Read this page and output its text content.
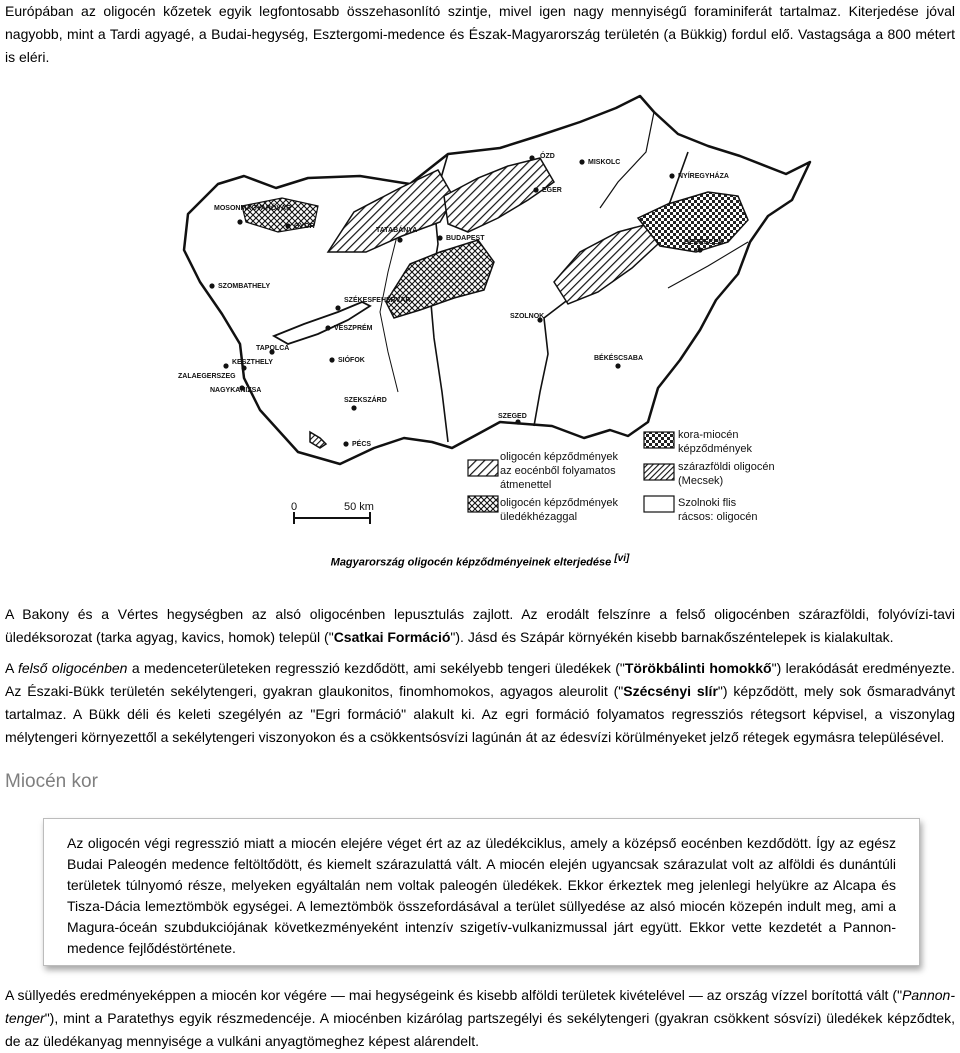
Európában az oligocén kőzetek egyik legfontosabb összehasonlító szintje, mivel igen nagy mennyiségű foraminiferát tartalmaz. Kiterjedése jóval nagyobb, mint a Tardi agyagé, a Budai-hegység, Esztergomi-medence és Észak-Magyarország területén (a Bükkig) fordul elő. Vastagsága a 800 métert is eléri.

ÓZD
MISKOLC
EGER
NYÍREGYHÁZA
MOSONMAGYARÓVÁR
GYŐR
TATABÁNYA
BUDAPEST
DEBRECEN
SZOMBATHELY
SZÉKESFEHÉRVÁR
VESZPRÉM
SZOLNOK
TAPOLCA
KESZTHELY	SIÓFOK
ZALAEGERSZEG
BÉKÉSCSABA
NAGYKANIZSA
SZEKSZÁRD
PÉCS
SZEGED
0	50 km
oligocén képződmények
az eocénből folyamatos
átmenettel
oligocén képződmények
üledékhézaggal
kora-miocén
képződmények
szárazföldi oligocén
(Mecsek)
Szolnoki flis
rácsos: oligocén
Magyarország oligocén képződményeinek elterjedése [vi]

A Bakony és a Vértes hegységben az alsó oligocénben lepusztulás zajlott. Az erodált felszínre a felső oligocénben szárazföldi, folyóvízi-tavi üledéksorozat (tarka agyag, kavics, homok) települ ("Csatkai Formáció"). Jásd és Szápár környékén kisebb barnakőszéntelepek is kialakultak.

A felső oligocénben a medenceterületeken regresszió kezdődött, ami sekélyebb tengeri üledékek ("Törökbálinti homokkő") lerakódását eredményezte. Az Északi-Bükk területén sekélytengeri, gyakran glaukonitos, finomhomokos, agyagos aleurolit ("Szécsényi slír") képződött, mely sok ősmaradványt tartalmaz. A Bükk déli és keleti szegélyén az "Egri formáció" alakult ki. Az egri formáció folyamatos regressziós rétegsort képvisel, a viszonylag mélytengeri környezettől a sekélytengeri viszonyokon és a csökkentsósvízi lagúnán át az édesvízi körülményeket jelző rétegek egymásra településével.

Miocén kor

Az oligocén végi regresszió miatt a miocén elejére véget ért az az üledékciklus, amely a középső eocénben kezdődött. Így az egész Budai Paleogén medence feltöltődött, és kiemelt szárazulattá vált. A miocén elején ugyancsak szárazulat volt az alföldi és dunántúli területek túlnyomó része, melyeken egyáltalán nem voltak paleogén üledékek. Ekkor érkeztek meg jelenlegi helyükre az Alcapa és Tisza-Dácia lemeztömbök egységei. A lemeztömbök összefordásával a terület süllyedése az alsó miocén közepén indult meg, ami a Magura-óceán szubdukciójának következményeként intenzív szigetív-vulkanizmussal járt együtt. Ekkor vette kezdetét a Pannon-medence fejlődéstörténete.

A süllyedés eredményeképpen a miocén kor végére — mai hegységeink és kisebb alföldi területek kivételével — az ország vízzel borítottá vált ("Pannon-tenger"), mint a Paratethys egyik részmedencéje. A miocénben kizárólag partszegélyi és sekélytengeri (gyakran csökkent sósvízi) üledékek képződtek, de az üledékanyag mennyisége a vulkáni anyagtömeghez képest alárendelt.
